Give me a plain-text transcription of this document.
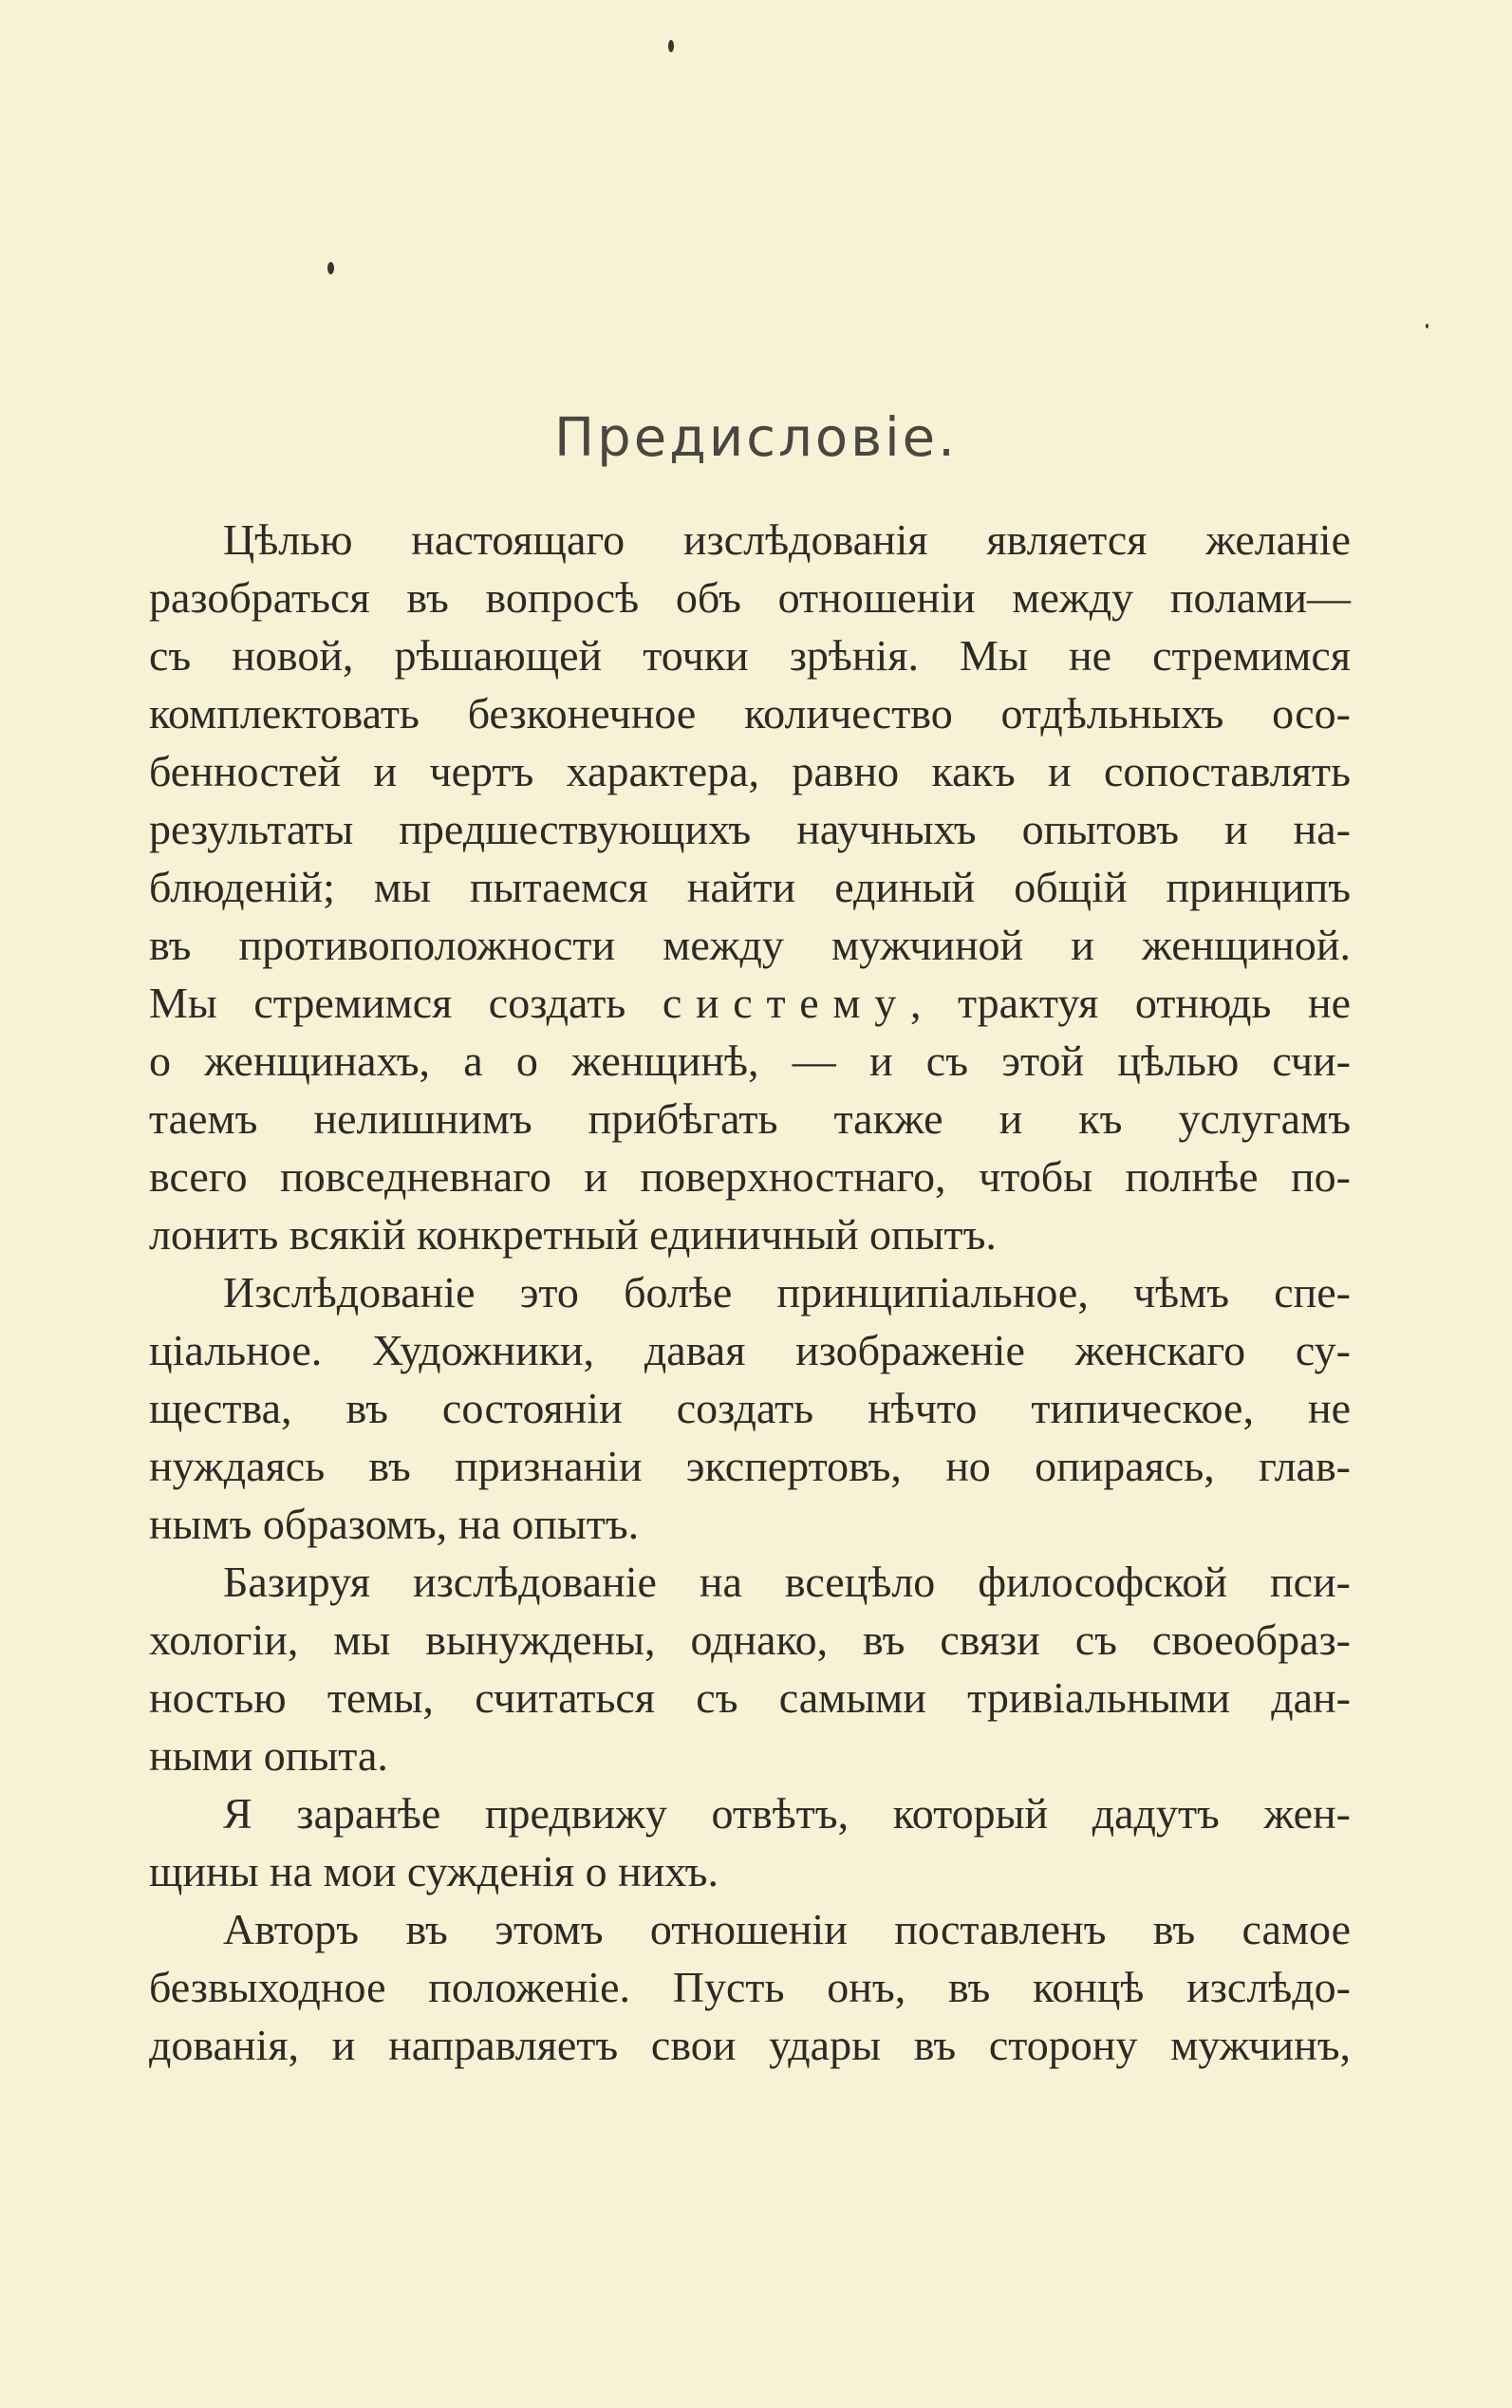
Предисловіе.
Цѣлью настоящаго изслѣдованія является желаніе
разобраться въ вопросѣ объ отношеніи между полами—
съ новой, рѣшающей точки зрѣнія. Мы не стремимся
комплектовать безконечное количество отдѣльныхъ осо-
бенностей и чертъ характера, равно какъ и сопоставлять
результаты предшествующихъ научныхъ опытовъ и на-
блюденій; мы пытаемся найти единый общій принципъ
въ противоположности между мужчиной и женщиной.
Мы стремимся создать систему, трактуя отнюдь не
о женщинахъ, а о женщинѣ, — и съ этой цѣлью счи-
таемъ нелишнимъ прибѣгать также и къ услугамъ
всего повседневнаго и поверхностнаго, чтобы полнѣе по-
лонить всякій конкретный единичный опытъ.
Изслѣдованіе это болѣе принципіальное, чѣмъ спе-
ціальное. Художники, давая изображеніе женскаго су-
щества, въ состояніи создать нѣчто типическое, не
нуждаясь въ признаніи экспертовъ, но опираясь, глав-
нымъ образомъ, на опытъ.
Базируя изслѣдованіе на всецѣло философской пси-
хологіи, мы вынуждены, однако, въ связи съ своеобраз-
ностью темы, считаться съ самыми тривіальными дан-
ными опыта.
Я заранѣе предвижу отвѣтъ, который дадутъ жен-
щины на мои сужденія о нихъ.
Авторъ въ этомъ отношеніи поставленъ въ самое
безвыходное положеніе. Пусть онъ, въ концѣ изслѣдо-
дованія, и направляетъ свои удары въ сторону мужчинъ,
